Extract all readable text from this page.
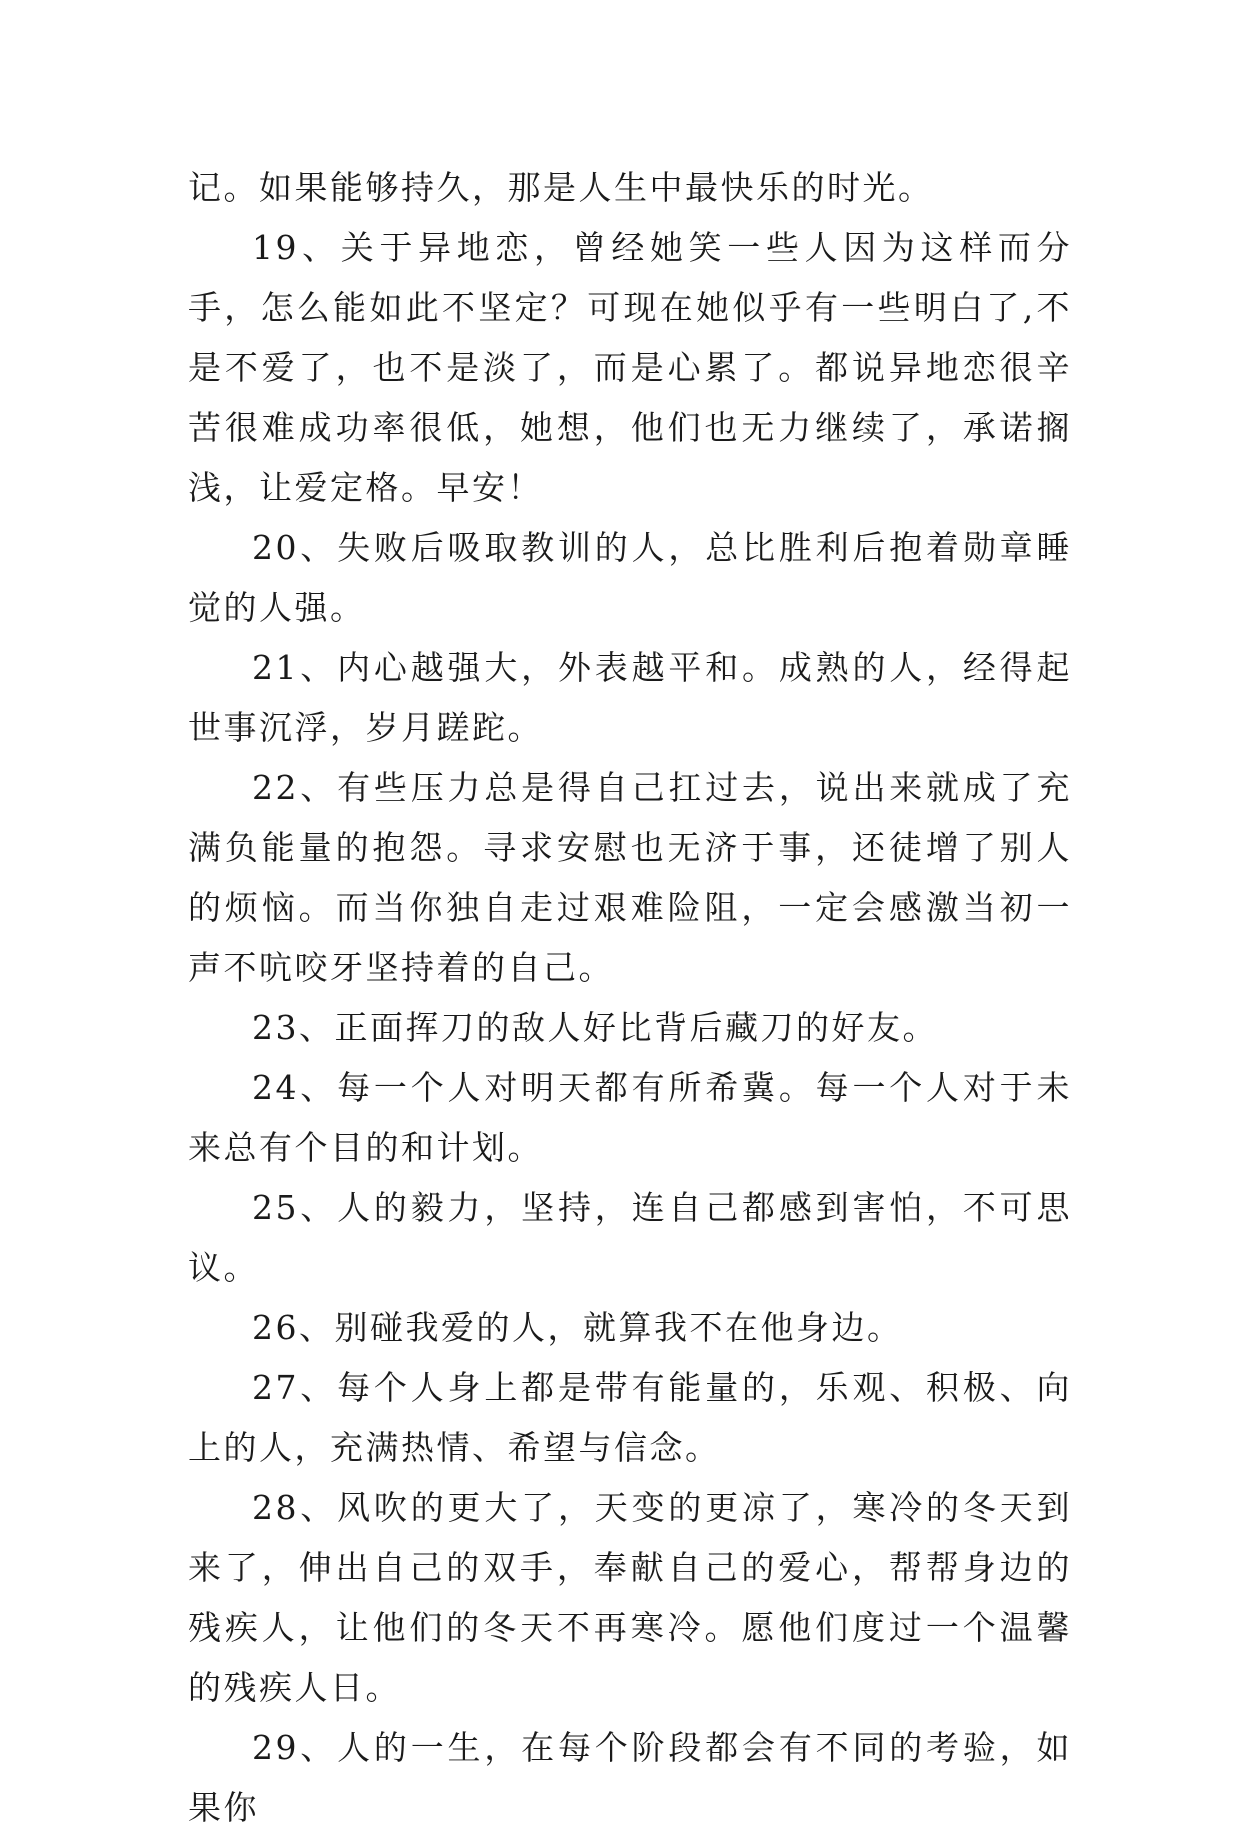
记。如果能够持久，那是人生中最快乐的时光。

19、关于异地恋，曾经她笑一些人因为这样而分手，怎么能如此不坚定？可现在她似乎有一些明白了,不是不爱了，也不是淡了，而是心累了。都说异地恋很辛苦很难成功率很低，她想，他们也无力继续了，承诺搁浅，让爱定格。早安！

20、失败后吸取教训的人，总比胜利后抱着勋章睡觉的人强。

21、内心越强大，外表越平和。成熟的人，经得起世事沉浮，岁月蹉跎。

22、有些压力总是得自己扛过去，说出来就成了充满负能量的抱怨。寻求安慰也无济于事，还徒增了别人的烦恼。而当你独自走过艰难险阻，一定会感激当初一声不吭咬牙坚持着的自己。

23、正面挥刀的敌人好比背后藏刀的好友。

24、每一个人对明天都有所希冀。每一个人对于未来总有个目的和计划。

25、人的毅力，坚持，连自己都感到害怕，不可思议。

26、别碰我爱的人，就算我不在他身边。

27、每个人身上都是带有能量的，乐观、积极、向上的人，充满热情、希望与信念。

28、风吹的更大了，天变的更凉了，寒冷的冬天到来了，伸出自己的双手，奉献自己的爱心，帮帮身边的残疾人，让他们的冬天不再寒冷。愿他们度过一个温馨的残疾人日。

29、人的一生，在每个阶段都会有不同的考验，如果你
